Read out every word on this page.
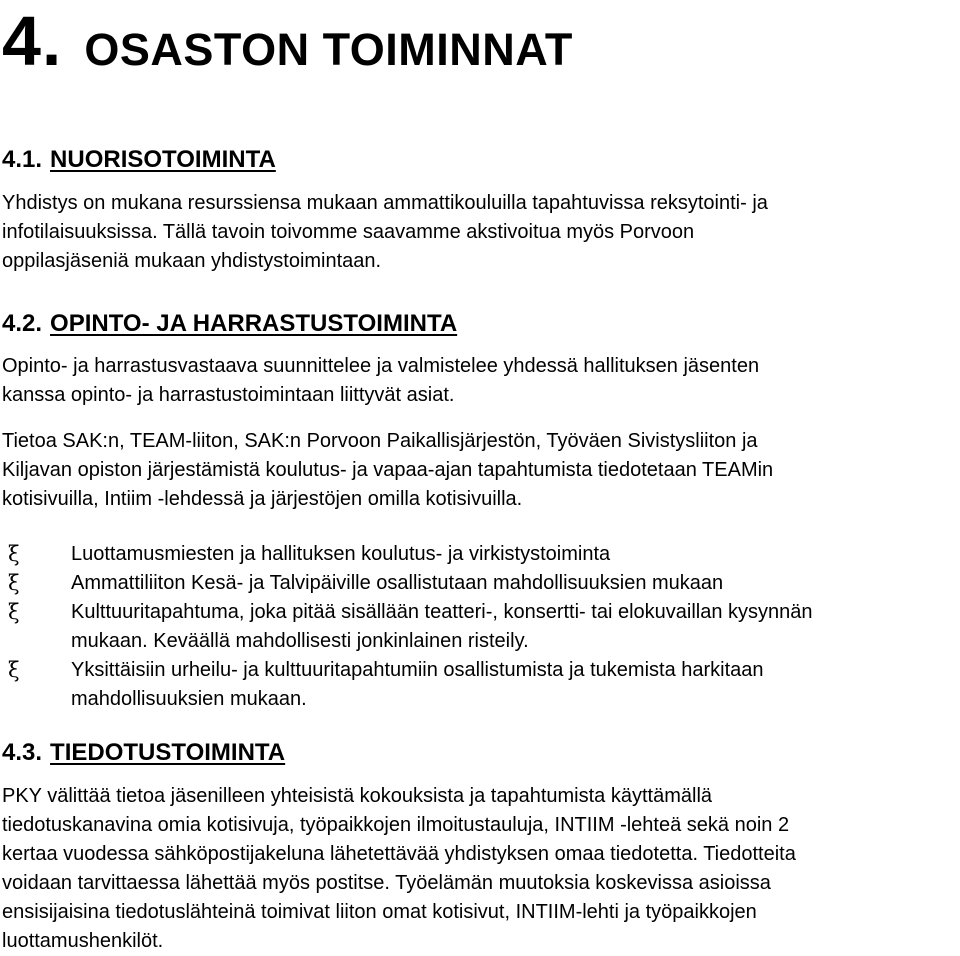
4. OSASTON TOIMINNAT
4.1. NUORISOTOIMINTA

Yhdistys on mukana resurssiensa mukaan ammattikouluilla tapahtuvissa reksytointi- ja
infotilaisuuksissa. Tällä tavoin toivomme saavamme akstivoitua myös Porvoon
oppilasjäseniä mukaan yhdistystoimintaan.

4.2. OPINTO- JA HARRASTUSTOIMINTA

Opinto- ja harrastusvastaava suunnittelee ja valmistelee yhdessä hallituksen jäsenten
kanssa opinto- ja harrastustoimintaan liittyvät asiat.

Tietoa SAK:n, TEAM-liiton, SAK:n Porvoon Paikallisjärjestön, Työväen Sivistysliiton ja
Kiljavan opiston järjestämistä koulutus- ja vapaa-ajan tapahtumista tiedotetaan TEAMin
kotisivuilla, Intiim -lehdessä ja järjestöjen omilla kotisivuilla.

ξ	Luottamusmiesten ja hallituksen koulutus- ja virkistystoiminta
ξ	Ammattiliiton Kesä- ja Talvipäiville osallistutaan mahdollisuuksien mukaan
ξ	Kulttuuritapahtuma, joka pitää sisällään teatteri-, konsertti- tai elokuvaillan kysynnän
mukaan. Keväällä mahdollisesti jonkinlainen risteily.
ξ	Yksittäisiin urheilu- ja kulttuuritapahtumiin osallistumista ja tukemista harkitaan
mahdollisuuksien mukaan.
4.3. TIEDOTUSTOIMINTA

PKY välittää tietoa jäsenilleen yhteisistä kokouksista ja tapahtumista käyttämällä
tiedotuskanavina omia kotisivuja, työpaikkojen ilmoitustauluja, INTIIM -lehteä sekä noin 2
kertaa vuodessa sähköpostijakeluna lähetettävää yhdistyksen omaa tiedotetta. Tiedotteita
voidaan tarvittaessa lähettää myös postitse. Työelämän muutoksia koskevissa asioissa
ensisijaisina tiedotuslähteinä toimivat liiton omat kotisivut, INTIIM-lehti ja työpaikkojen
luottamushenkilöt.
